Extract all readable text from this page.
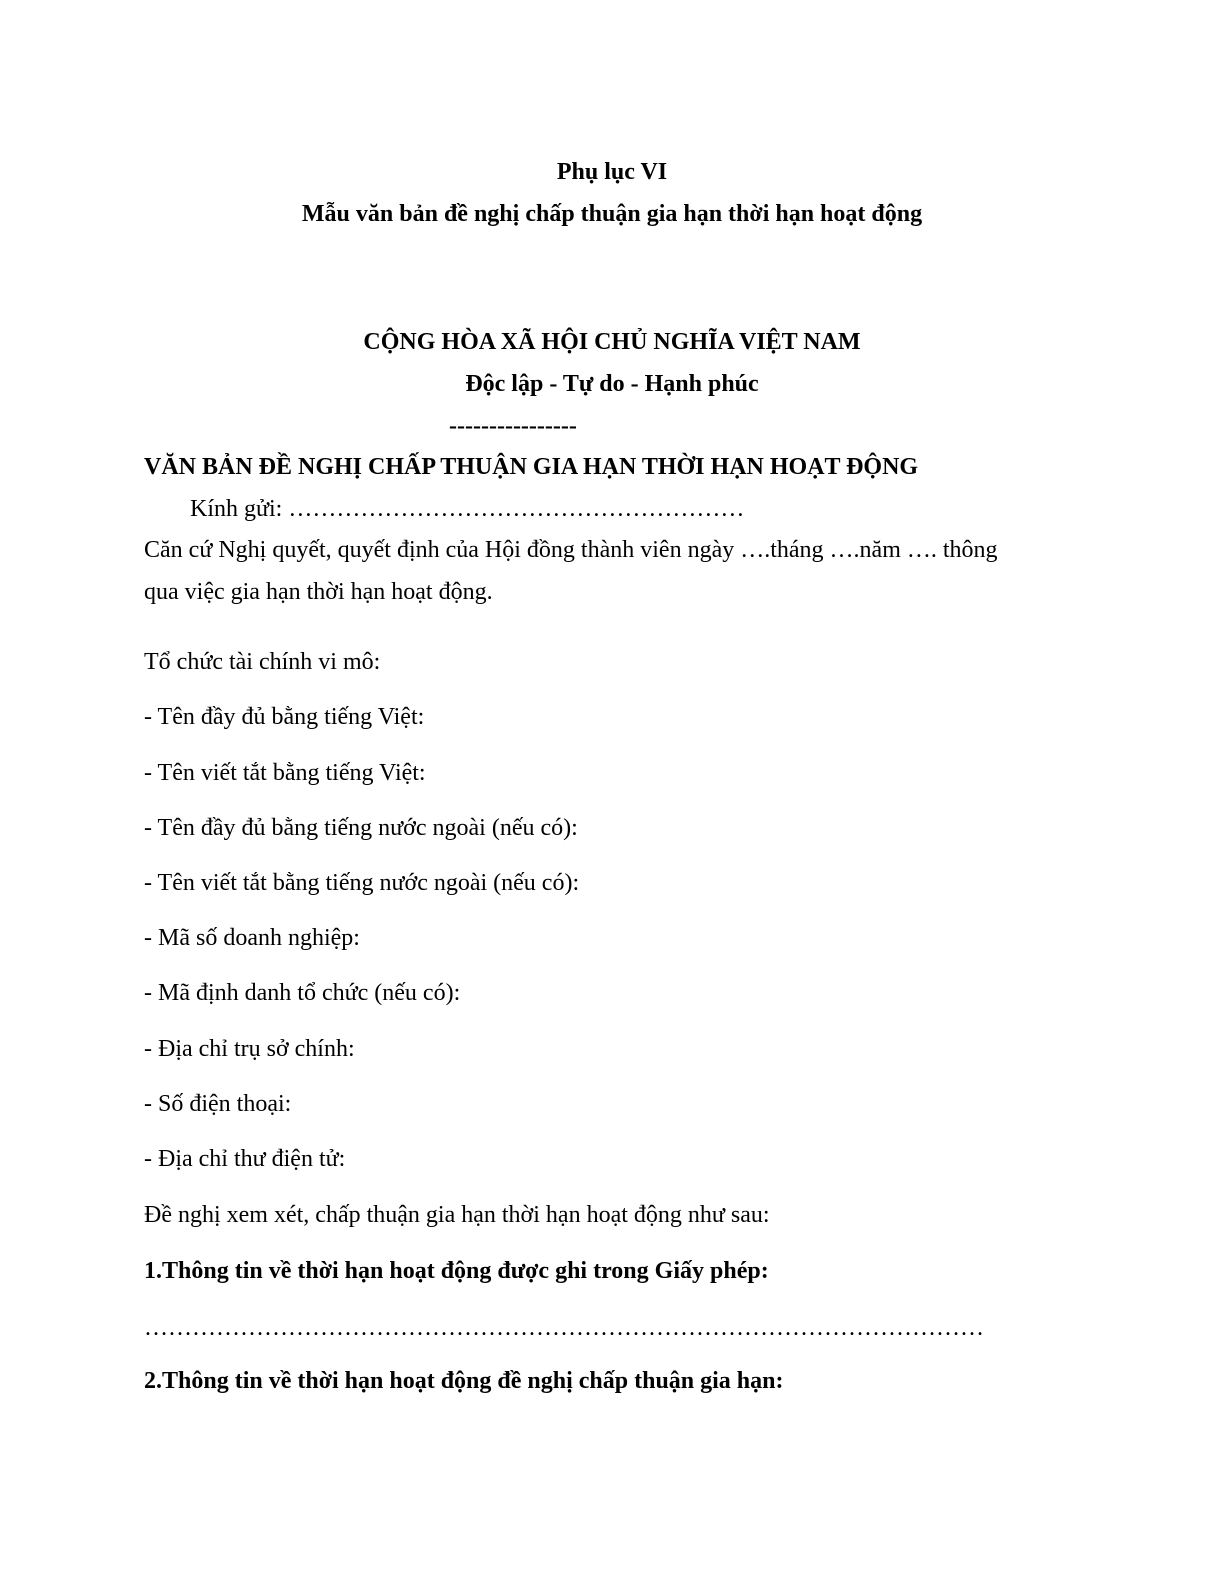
Phụ lục VI
Mẫu văn bản đề nghị chấp thuận gia hạn thời hạn hoạt động
CỘNG HÒA XÃ HỘI CHỦ NGHĨA VIỆT NAM
Độc lập - Tự do - Hạnh phúc
----------------
VĂN BẢN ĐỀ NGHỊ CHẤP THUẬN GIA HẠN THỜI HẠN HOẠT ĐỘNG
Kính gửi: …………………………………………………
Căn cứ Nghị quyết, quyết định của Hội đồng thành viên ngày ….tháng ….năm …. thông
qua việc gia hạn thời hạn hoạt động.
Tổ chức tài chính vi mô:
- Tên đầy đủ bằng tiếng Việt:
- Tên viết tắt bằng tiếng Việt:
- Tên đầy đủ bằng tiếng nước ngoài (nếu có):
- Tên viết tắt bằng tiếng nước ngoài (nếu có):
- Mã số doanh nghiệp:
- Mã định danh tổ chức (nếu có):
- Địa chỉ trụ sở chính:
- Số điện thoại:
- Địa chỉ thư điện tử:
Đề nghị xem xét, chấp thuận gia hạn thời hạn hoạt động như sau:
1.Thông tin về thời hạn hoạt động được ghi trong Giấy phép:
……………………………………………………………………………………………
2.Thông tin về thời hạn hoạt động đề nghị chấp thuận gia hạn:
